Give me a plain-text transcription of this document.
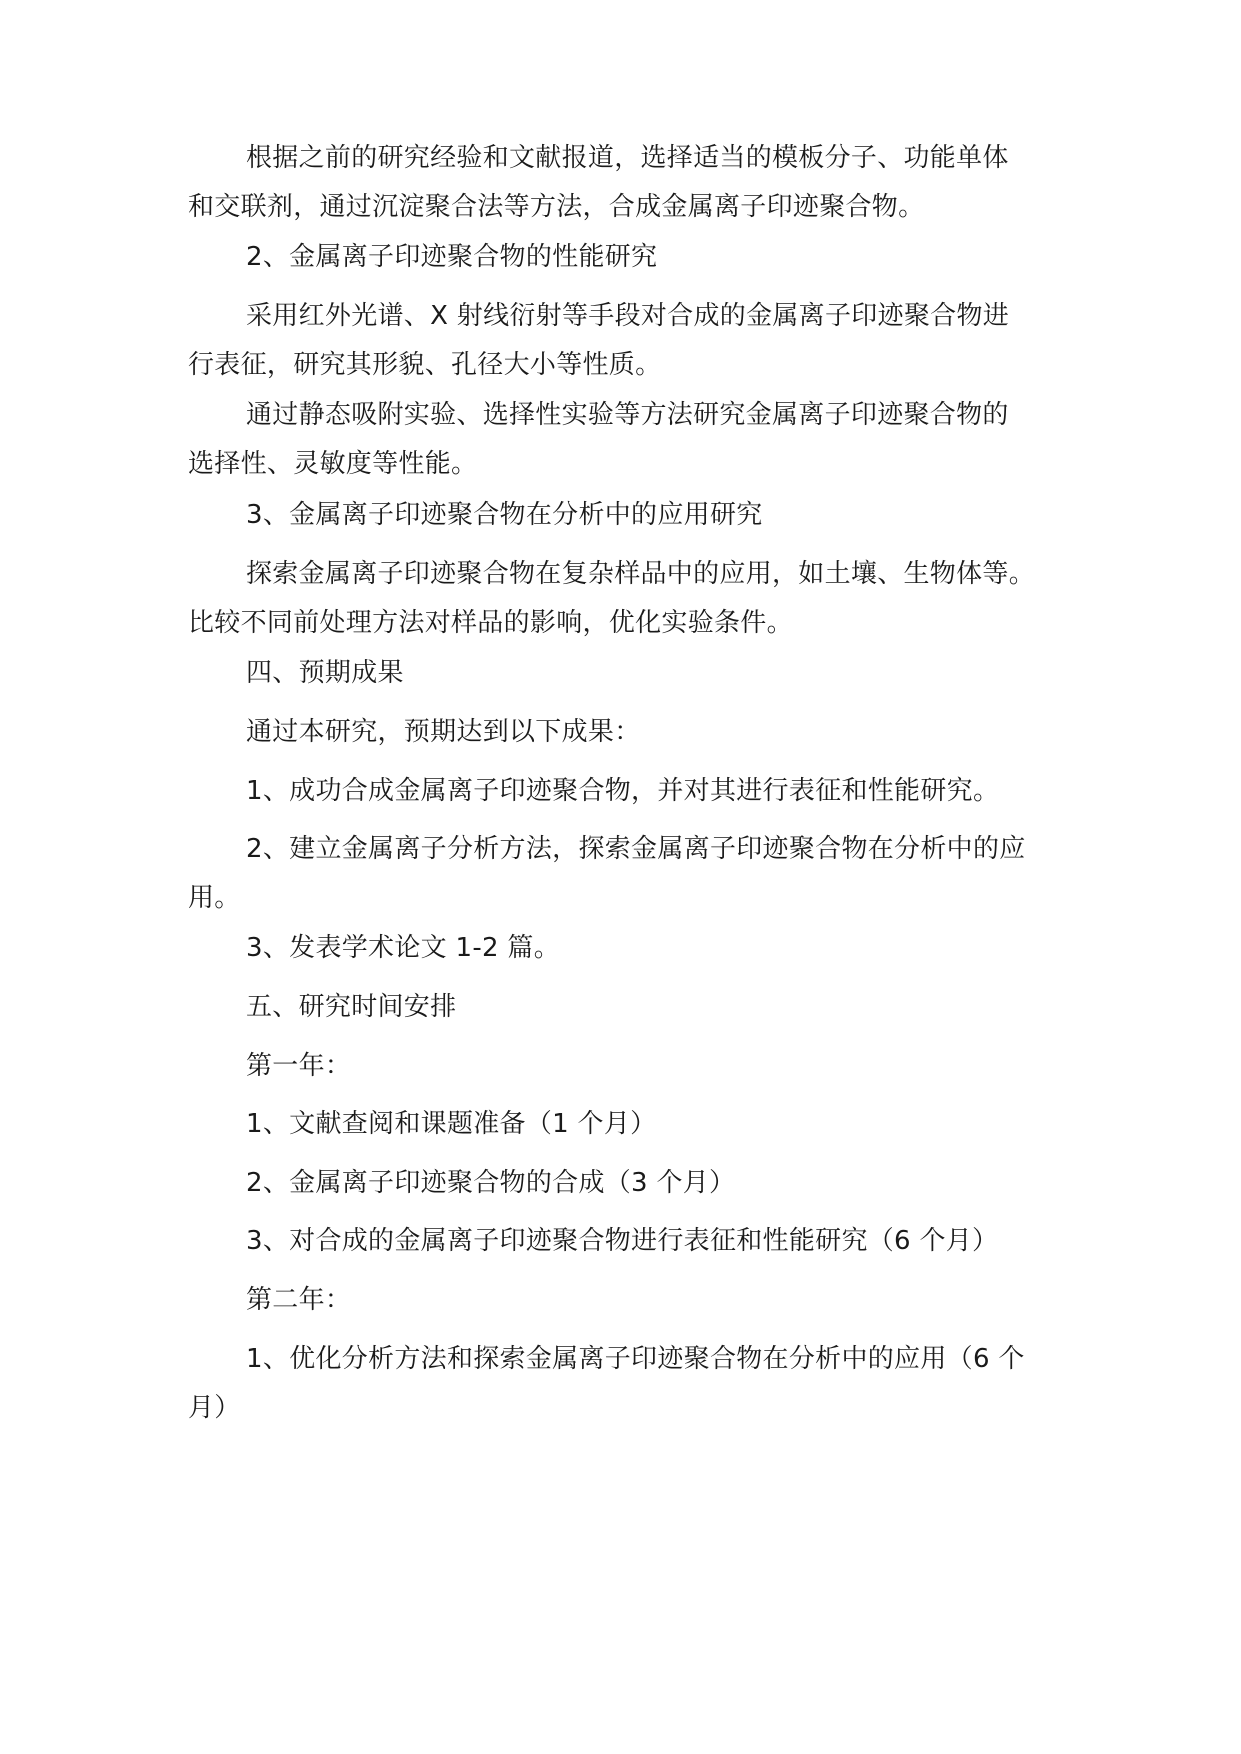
根据之前的研究经验和文献报道，选择适当的模板分子、功能单体
和交联剂，通过沉淀聚合法等方法，合成金属离子印迹聚合物。

2、金属离子印迹聚合物的性能研究

采用红外光谱、X 射线衍射等手段对合成的金属离子印迹聚合物进
行表征，研究其形貌、孔径大小等性质。

通过静态吸附实验、选择性实验等方法研究金属离子印迹聚合物的
选择性、灵敏度等性能。

3、金属离子印迹聚合物在分析中的应用研究

探索金属离子印迹聚合物在复杂样品中的应用，如土壤、生物体等。
比较不同前处理方法对样品的影响，优化实验条件。

四、预期成果

通过本研究，预期达到以下成果：

1、成功合成金属离子印迹聚合物，并对其进行表征和性能研究。

2、建立金属离子分析方法，探索金属离子印迹聚合物在分析中的应
用。

3、发表学术论文 1-2 篇。

五、研究时间安排

第一年：

1、文献查阅和课题准备（1 个月）

2、金属离子印迹聚合物的合成（3 个月）

3、对合成的金属离子印迹聚合物进行表征和性能研究（6 个月）

第二年：

1、优化分析方法和探索金属离子印迹聚合物在分析中的应用（6 个
月）
